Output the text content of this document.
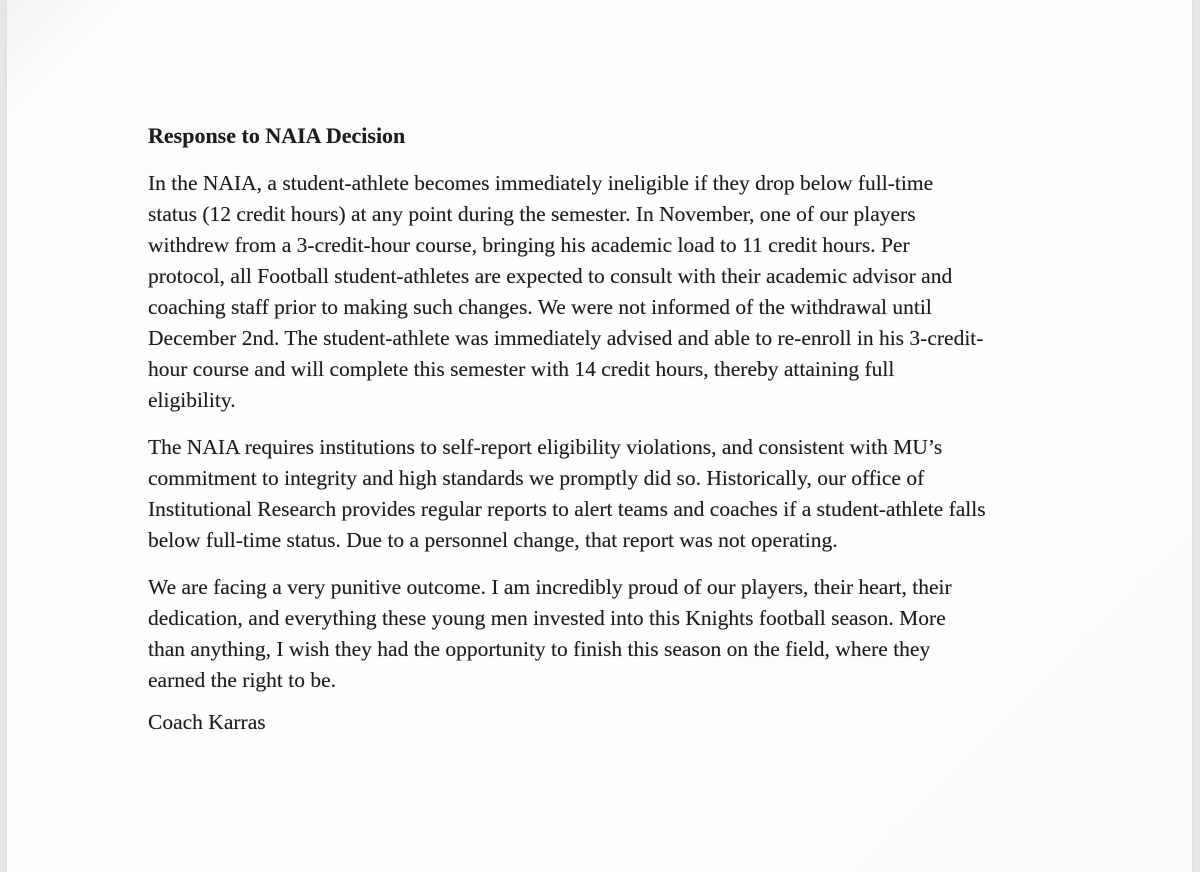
Response to NAIA Decision
In the NAIA, a student-athlete becomes immediately ineligible if they drop below full-time
status (12 credit hours) at any point during the semester. In November, one of our players
withdrew from a 3-credit-hour course, bringing his academic load to 11 credit hours. Per
protocol, all Football student-athletes are expected to consult with their academic advisor and
coaching staff prior to making such changes. We were not informed of the withdrawal until
December 2nd. The student-athlete was immediately advised and able to re-enroll in his 3-credit-
hour course and will complete this semester with 14 credit hours, thereby attaining full
eligibility.
The NAIA requires institutions to self-report eligibility violations, and consistent with MU’s
commitment to integrity and high standards we promptly did so. Historically, our office of
Institutional Research provides regular reports to alert teams and coaches if a student-athlete falls
below full-time status. Due to a personnel change, that report was not operating.
We are facing a very punitive outcome. I am incredibly proud of our players, their heart, their
dedication, and everything these young men invested into this Knights football season. More
than anything, I wish they had the opportunity to finish this season on the field, where they
earned the right to be.
Coach Karras
